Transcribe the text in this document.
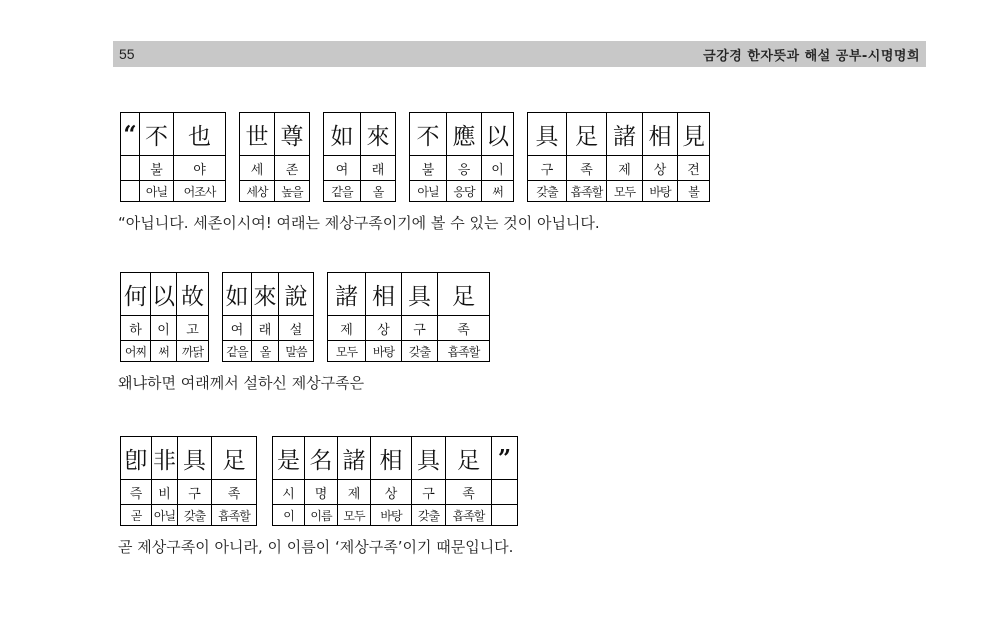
55	금강경 한자뜻과 해설 공부-시명명희
“	不	也		世	尊		如	來		不	應	以		具	足	諸	相	見
	불	야		세	존		여	래		불	응	이		구	족	제	상	견
	아닐	어조사		세상	높을		같을	올		아닐	응당	써		갖출	흡족할	모두	바탕	볼
“아닙니다. 세존이시여! 여래는 제상구족이기에 볼 수 있는 것이 아닙니다.
何	以	故		如	來	說		諸	相	具	足
하	이	고		여	래	설		제	상	구	족
어찌	써	까닭		같을	올	말씀		모두	바탕	갖출	흡족할
왜냐하면 여래께서 설하신 제상구족은
卽	非	具	足		是	名	諸	相	具	足	”
즉	비	구	족		시	명	제	상	구	족	
곧	아닐	갖출	흡족할		이	이름	모두	바탕	갖출	흡족할	
곧 제상구족이 아니라, 이 이름이 ‘제상구족’이기 때문입니다.
